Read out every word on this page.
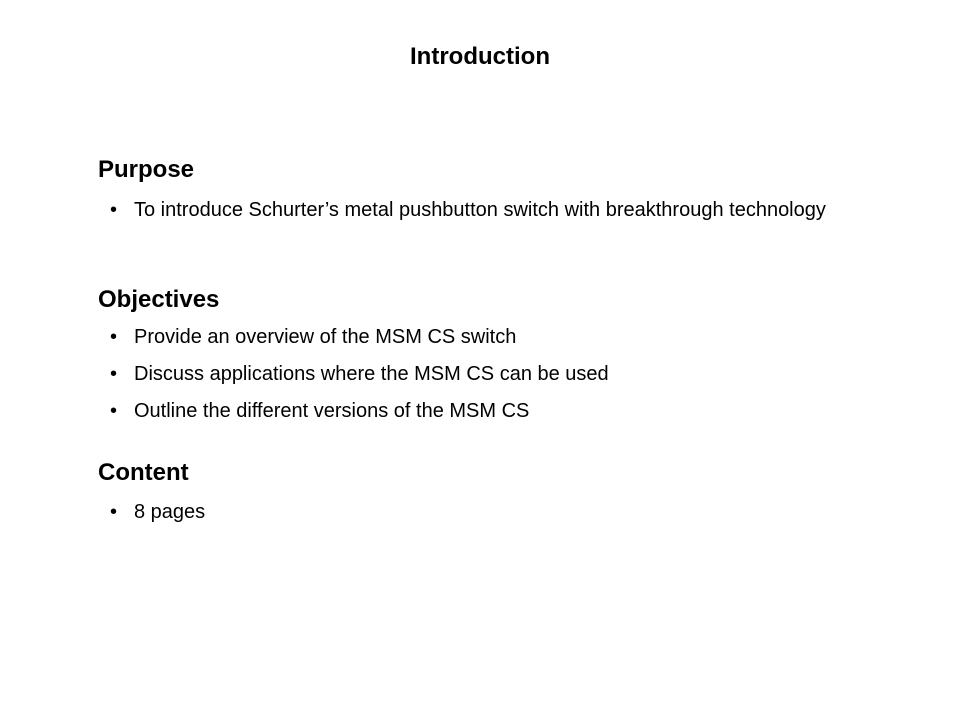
Introduction
Purpose
• To introduce Schurter’s metal pushbutton switch with breakthrough technology
Objectives
• Provide an overview of the MSM CS switch
• Discuss applications where the MSM CS can be used
• Outline the different versions of the MSM CS
Content
• 8 pages
